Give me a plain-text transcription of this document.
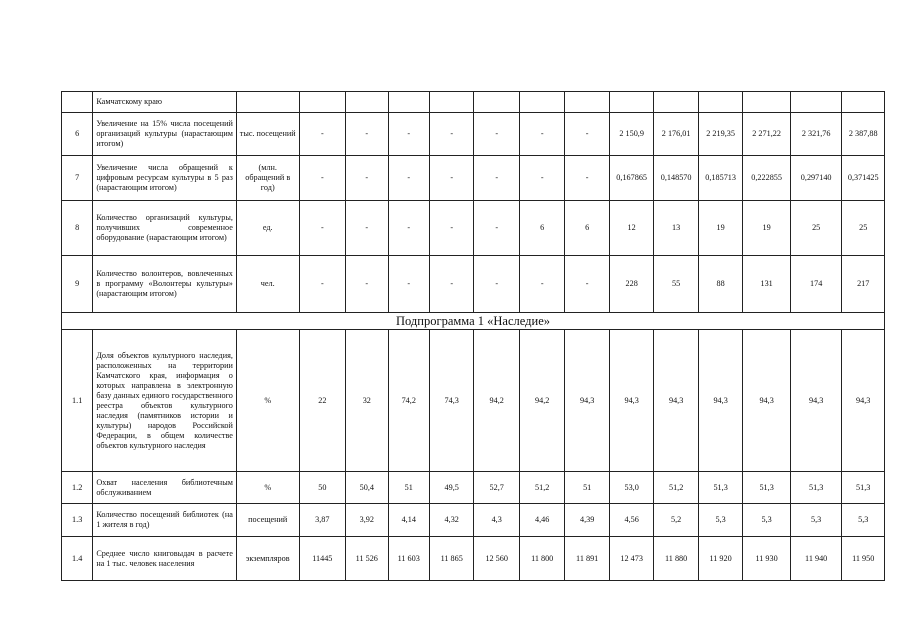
	Камчатскому краю														
6	Увеличение на 15% числа посещений организаций культуры (нарастающим итогом)	тыс. посещений	-	-	-	-	-	-	-	2 150,9	2 176,01	2 219,35	2 271,22	2 321,76	2 387,88
7	Увеличение числа обращений к цифровым ресурсам культуры в 5 раз (нарастающим итогом)	(млн. обращений в год)	-	-	-	-	-	-	-	0,167865	0,148570	0,185713	0,222855	0,297140	0,371425
8	Количество организаций культуры, получивших современное оборудование (нарастающим итогом)	ед.	-	-	-	-	-	6	6	12	13	19	19	25	25
9	Количество волонтеров, вовлеченных в программу «Волонтеры культуры» (нарастающим итогом)	чел.	-	-	-	-	-	-	-	228	55	88	131	174	217
Подпрограмма 1 «Наследие»															
1.1	Доля объектов культурного наследия, расположенных на территории Камчатского края, информация о которых направлена в электронную базу данных единого государственного реестра объектов культурного наследия (памятников истории и культуры) народов Российской Федерации, в общем количестве объектов культурного наследия	%	22	32	74,2	74,3	94,2	94,2	94,3	94,3	94,3	94,3	94,3	94,3	94,3
1.2	Охват населения библиотечным обслуживанием	%	50	50,4	51	49,5	52,7	51,2	51	53,0	51,2	51,3	51,3	51,3	51,3
1.3	Количество посещений библиотек (на 1 жителя в год)	посещений	3,87	3,92	4,14	4,32	4,3	4,46	4,39	4,56	5,2	5,3	5,3	5,3	5,3
1.4	Среднее число книговыдач в расчете на 1 тыс. человек населения	экземпляров	11445	11 526	11 603	11 865	12 560	11 800	11 891	12 473	11 880	11 920	11 930	11 940	11 950
